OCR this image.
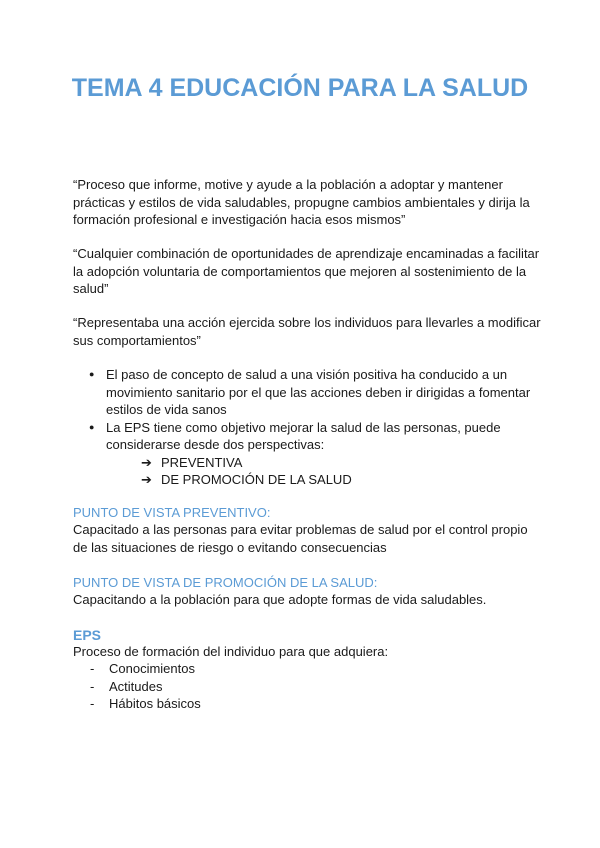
TEMA 4 EDUCACIÓN PARA LA SALUD
“Proceso que informe, motive y ayude a la población a adoptar y mantener prácticas y estilos de vida saludables, propugne cambios ambientales y dirija la formación profesional e investigación hacia esos mismos”
“Cualquier combinación de oportunidades de aprendizaje encaminadas a facilitar la adopción voluntaria de comportamientos que mejoren al sostenimiento de la salud”
“Representaba una acción ejercida sobre los individuos para llevarles a modificar sus comportamientos”
● El paso de concepto de salud a una visión positiva ha conducido a un movimiento sanitario por el que las acciones deben ir dirigidas a fomentar estilos de vida sanos
● La EPS tiene como objetivo mejorar la salud de las personas, puede considerarse desde dos perspectivas:
➔ PREVENTIVA
➔ DE PROMOCIÓN DE LA SALUD
PUNTO DE VISTA PREVENTIVO:
Capacitado a las personas para evitar problemas de salud por el control propio de las situaciones de riesgo o evitando consecuencias
PUNTO DE VISTA DE PROMOCIÓN DE LA SALUD:
Capacitando a la población para que adopte formas de vida saludables.
EPS
Proceso de formación del individuo para que adquiera:
- Conocimientos
- Actitudes
- Hábitos básicos
